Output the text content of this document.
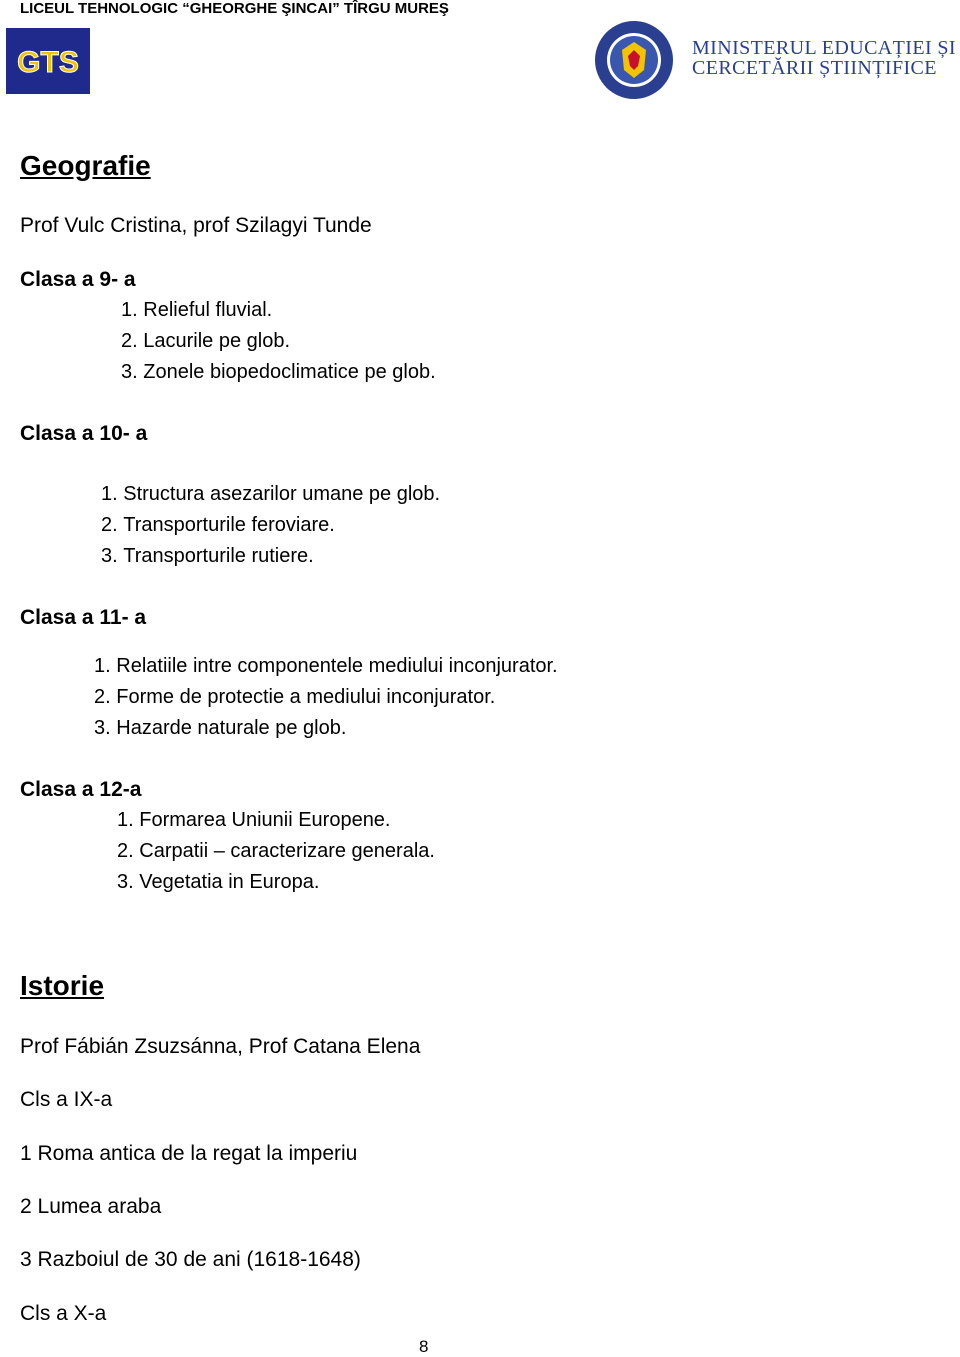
LICEUL TEHNOLOGIC “GHEORGHE ŞINCAI” TÎRGU MUREŞ
GTS	MINISTERUL EDUCAȚIEI ȘI
CERCETĂRII ȘTIINȚIFICE
Geografie
Prof Vulc Cristina, prof Szilagyi Tunde
Clasa a 9- a
1. Relieful fluvial.
2. Lacurile pe glob.
3. Zonele biopedoclimatice pe glob.
Clasa a 10- a
1. Structura asezarilor umane pe glob.
2. Transporturile feroviare.
3. Transporturile rutiere.
Clasa a 11- a
1. Relatiile intre componentele mediului inconjurator.
2. Forme de protectie a mediului inconjurator.
3. Hazarde naturale pe glob.
Clasa a 12-a
1. Formarea Uniunii Europene.
2. Carpatii – caracterizare generala.
3. Vegetatia in Europa.
Istorie
Prof Fábián Zsuzsánna, Prof Catana Elena
Cls a IX-a
1 Roma antica de la regat la imperiu
2 Lumea araba
3 Razboiul de 30 de ani (1618-1648)
Cls a X-a
8
